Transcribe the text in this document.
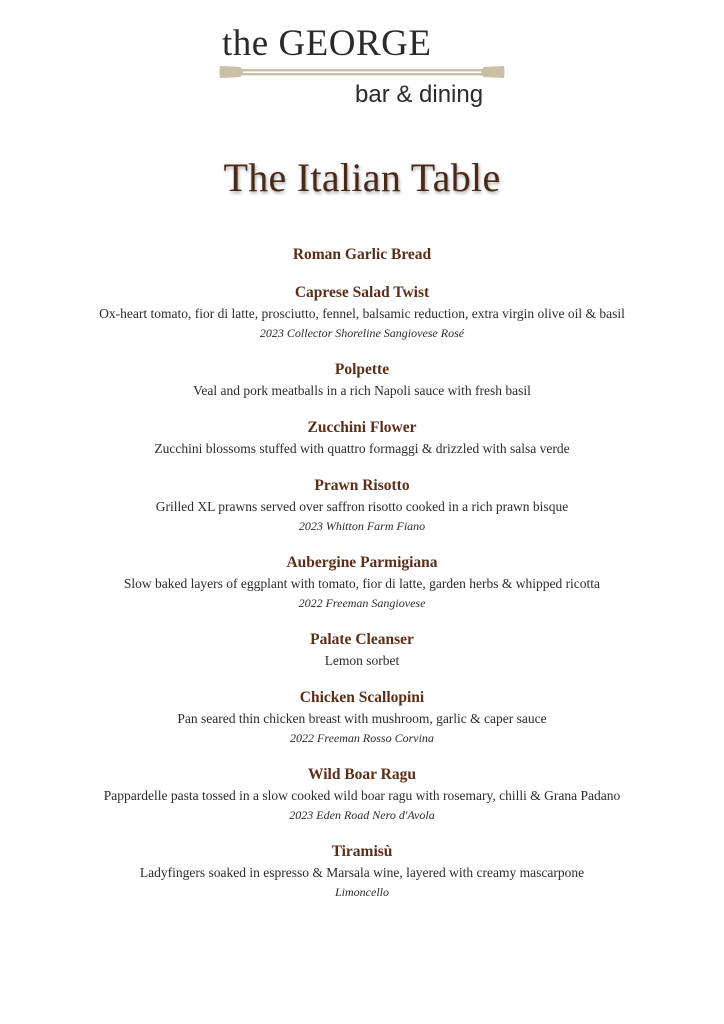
the GEORGE
bar & dining
The Italian Table
Roman Garlic Bread
Caprese Salad Twist
Ox-heart tomato, fior di latte, prosciutto, fennel, balsamic reduction, extra virgin olive oil & basil
2023 Collector Shoreline Sangiovese Rosé
Polpette
Veal and pork meatballs in a rich Napoli sauce with fresh basil
Zucchini Flower
Zucchini blossoms stuffed with quattro formaggi & drizzled with salsa verde
Prawn Risotto
Grilled XL prawns served over saffron risotto cooked in a rich prawn bisque
2023 Whitton Farm Fiano
Aubergine Parmigiana
Slow baked layers of eggplant with tomato, fior di latte, garden herbs & whipped ricotta
2022 Freeman Sangiovese
Palate Cleanser
Lemon sorbet
Chicken Scallopini
Pan seared thin chicken breast with mushroom, garlic & caper sauce
2022 Freeman Rosso Corvina
Wild Boar Ragu
Pappardelle pasta tossed in a slow cooked wild boar ragu with rosemary, chilli & Grana Padano
2023 Eden Road Nero d'Avola
Tiramisù
Ladyfingers soaked in espresso & Marsala wine, layered with creamy mascarpone
Limoncello
